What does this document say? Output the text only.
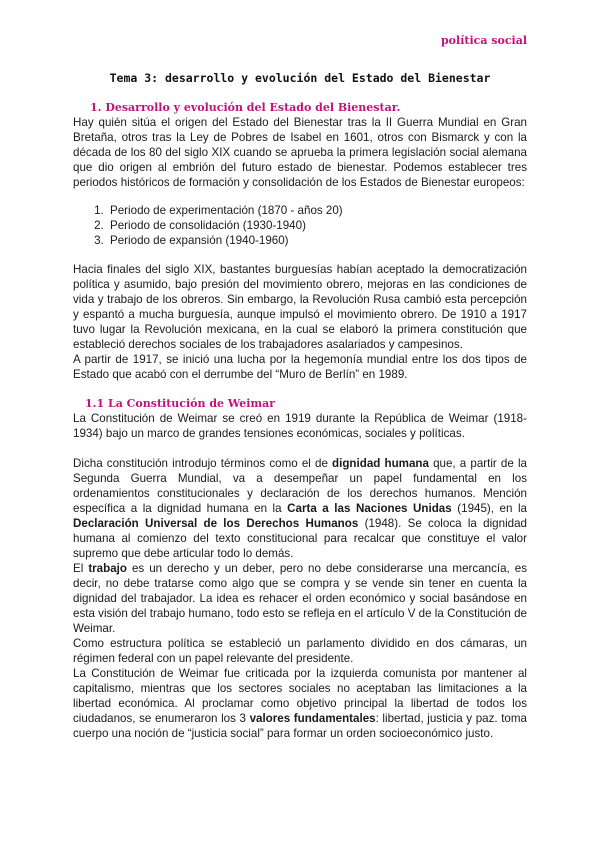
política social
Tema 3: desarrollo y evolución del Estado del Bienestar
1. Desarrollo y evolución del Estado del Bienestar.

Hay quién sitúa el origen del Estado del Bienestar tras la II Guerra Mundial en Gran Bretaña, otros tras la Ley de Pobres de Isabel en 1601, otros con Bismarck y con la década de los 80 del siglo XIX cuando se aprueba la primera legislación social alemana que dio origen al embrión del futuro estado de bienestar. Podemos establecer tres periodos históricos de formación y consolidación de los Estados de Bienestar europeos:

1. Periodo de experimentación (1870 - años 20)
2. Periodo de consolidación (1930-1940)
3. Periodo de expansión (1940-1960)

Hacia finales del siglo XIX, bastantes burguesías habían aceptado la democratización política y asumido, bajo presión del movimiento obrero, mejoras en las condiciones de vida y trabajo de los obreros. Sin embargo, la Revolución Rusa cambió esta percepción y espantó a mucha burguesía, aunque impulsó el movimiento obrero. De 1910 a 1917 tuvo lugar la Revolución mexicana, en la cual se elaboró la primera constitución que estableció derechos sociales de los trabajadores asalariados y campesinos.

A partir de 1917, se inició una lucha por la hegemonía mundial entre los dos tipos de Estado que acabó con el derrumbe del “Muro de Berlín” en 1989.

1.1 La Constitución de Weimar

La Constitución de Weimar se creó en 1919 durante la República de Weimar (1918-1934) bajo un marco de grandes tensiones económicas, sociales y políticas.

Dicha constitución introdujo términos como el de dignidad humana que, a partir de la Segunda Guerra Mundial, va a desempeñar un papel fundamental en los ordenamientos constitucionales y declaración de los derechos humanos. Mención específica a la dignidad humana en la Carta a las Naciones Unidas (1945), en la Declaración Universal de los Derechos Humanos (1948). Se coloca la dignidad humana al comienzo del texto constitucional para recalcar que constituye el valor supremo que debe articular todo lo demás.

El trabajo es un derecho y un deber, pero no debe considerarse una mercancía, es decir, no debe tratarse como algo que se compra y se vende sin tener en cuenta la dignidad del trabajador. La idea es rehacer el orden económico y social basándose en esta visión del trabajo humano, todo esto se refleja en el artículo V de la Constitución de Weimar.

Como estructura política se estableció un parlamento dividido en dos cámaras, un régimen federal con un papel relevante del presidente.

La Constitución de Weimar fue criticada por la izquierda comunista por mantener al capitalismo, mientras que los sectores sociales no aceptaban las limitaciones a la libertad económica. Al proclamar como objetivo principal la libertad de todos los ciudadanos, se enumeraron los 3 valores fundamentales: libertad, justicia y paz. toma cuerpo una noción de “justicia social” para formar un orden socioeconómico justo.
